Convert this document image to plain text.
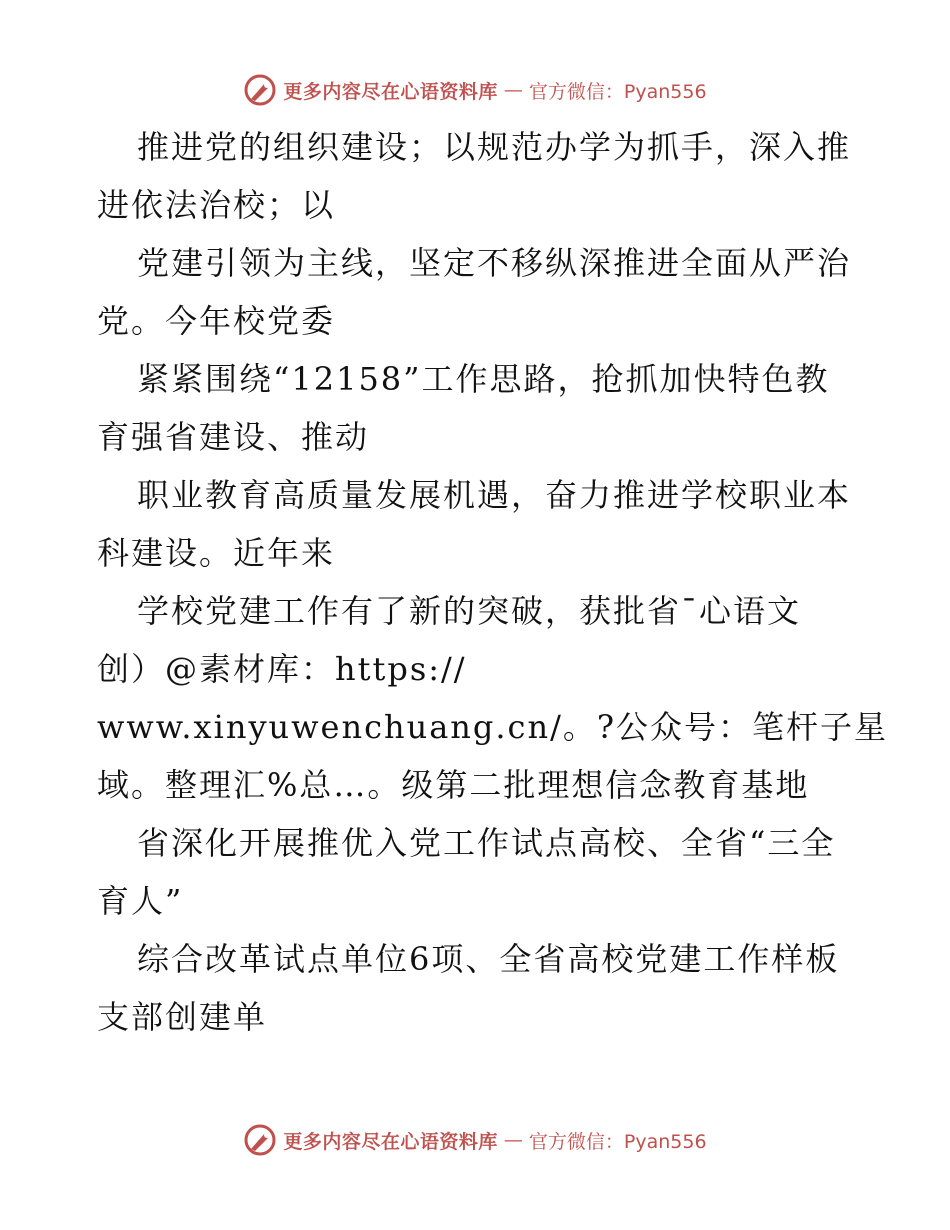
更多内容尽在心语资料库 — 官方微信：Pyan556
推进党的组织建设；以规范办学为抓手，深入推
进依法治校；以
党建引领为主线，坚定不移纵深推进全面从严治
党。今年校党委
紧紧围绕“12158”工作思路，抢抓加快特色教
育强省建设、推动
职业教育高质量发展机遇，奋力推进学校职业本
科建设。近年来
学校党建工作有了新的突破，获批省¯心语文
创）@素材库：https://
www.xinyuwenchuang.cn/。?公众号：笔杆子星
域。整理汇%总…。级第二批理想信念教育基地
省深化开展推优入党工作试点高校、全省“三全
育人”
综合改革试点单位6项、全省高校党建工作样板
支部创建单
更多内容尽在心语资料库 — 官方微信：Pyan556
